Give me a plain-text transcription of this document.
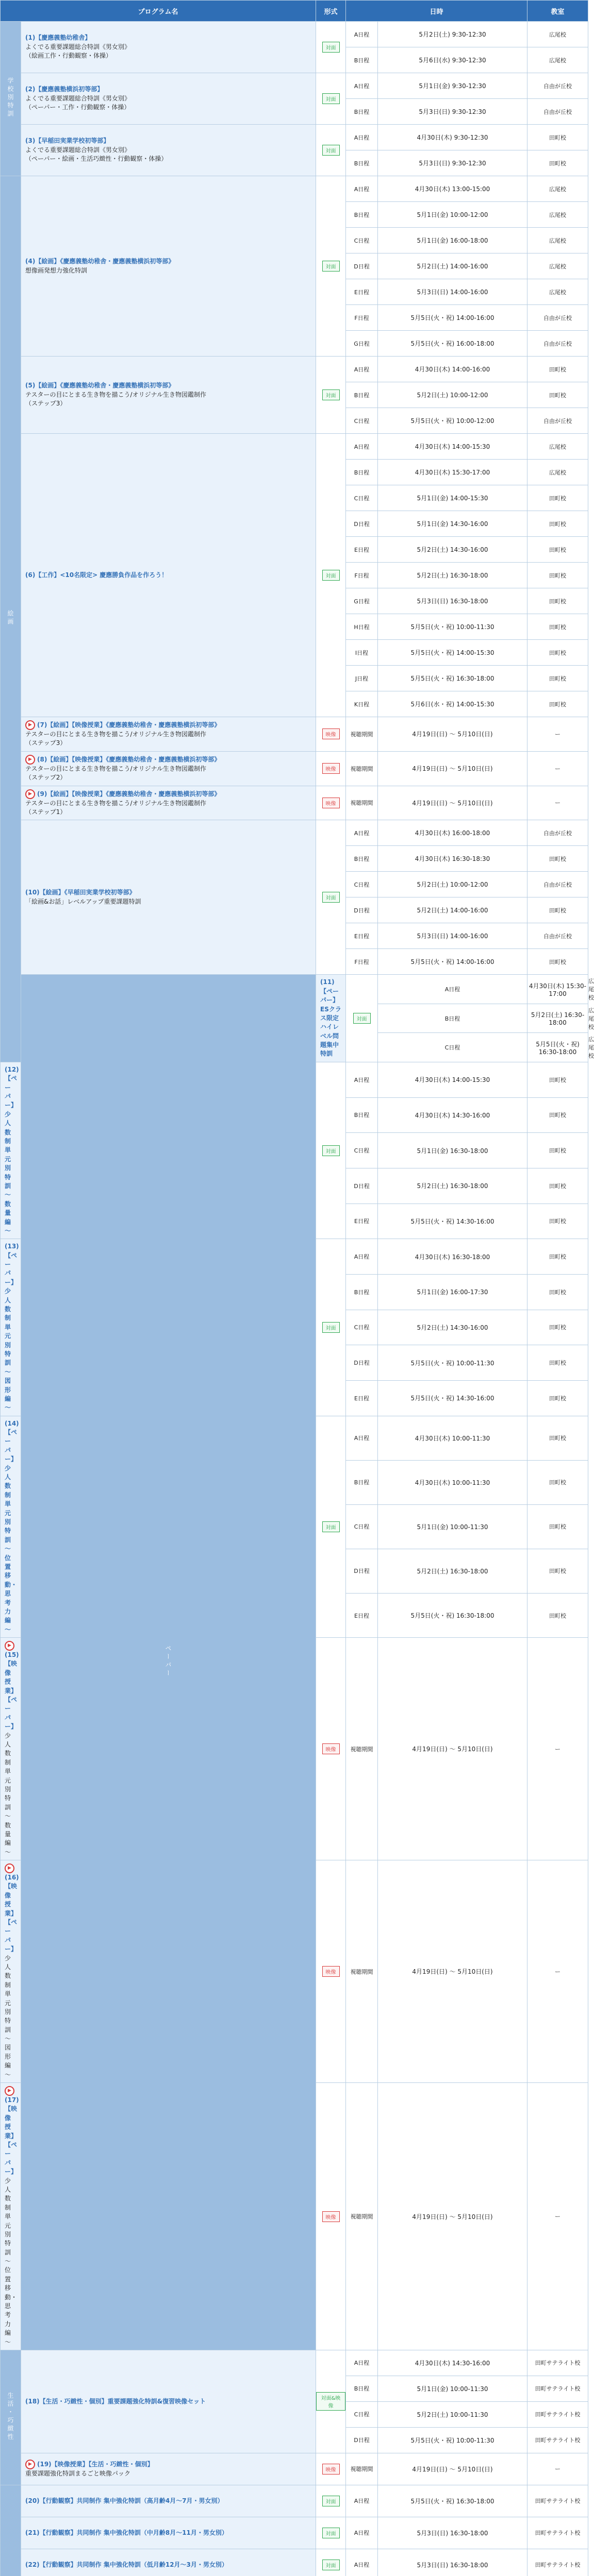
プログラム名		形式	日時		教室	
学校別特訓	(1)【慶應義塾幼稚舎】
よくでる重要課題総合特訓《男女別》
（絵画工作・行動観察・体操）	対面	A日程	5月2日(土) 9:30-12:30	広尾校	
			B日程	5月6日(水) 9:30-12:30	広尾校	

	(2)【慶應義塾横浜初等部】
よくでる重要課題総合特訓《男女別》
（ペーパー・工作・行動観察・体操）	対面	A日程	5月1日(金) 9:30-12:30	自由が丘校	
			B日程	5月3日(日) 9:30-12:30	自由が丘校	

	(3)【早稲田実業学校初等部】
よくでる重要課題総合特訓《男女別》
（ペーパー・絵画・生活巧緻性・行動観察・体操）	対面	A日程	4月30日(木) 9:30-12:30	田町校	
			B日程	5月3日(日) 9:30-12:30	田町校	
絵画	(4)【絵画】《慶應義塾幼稚舎・慶應義塾横浜初等部》
想像画発想力強化特訓	対面	A日程	4月30日(木) 13:00-15:00	広尾校	
			B日程	5月1日(金) 10:00-12:00	広尾校	
			C日程	5月1日(金) 16:00-18:00	広尾校	
			D日程	5月2日(土) 14:00-16:00	広尾校	
			E日程	5月3日(日) 14:00-16:00	広尾校	
			F日程	5月5日(火・祝) 14:00-16:00	自由が丘校	
			G日程	5月5日(火・祝) 16:00-18:00	自由が丘校	

	(5)【絵画】《慶應義塾幼稚舎・慶應義塾横浜初等部》
テスターの目にとまる生き物を描こう/オリジナル生き物図鑑制作
（ステップ3）	対面	A日程	4月30日(木) 14:00-16:00	田町校	
			B日程	5月2日(土) 10:00-12:00	田町校	
			C日程	5月5日(火・祝) 10:00-12:00	自由が丘校	

	(6)【工作】<10名限定> 慶應勝負作品を作ろう！	対面	A日程	4月30日(木) 14:00-15:30	広尾校	
			B日程	4月30日(木) 15:30-17:00	広尾校	
			C日程	5月1日(金) 14:00-15:30	田町校	
			D日程	5月1日(金) 14:30-16:00	田町校	
			E日程	5月2日(土) 14:30-16:00	田町校	
			F日程	5月2日(土) 16:30-18:00	田町校	
			G日程	5月3日(日) 16:30-18:00	田町校	
			H日程	5月5日(火・祝) 10:00-11:30	田町校	
			I日程	5月5日(火・祝) 14:00-15:30	田町校	
			J日程	5月5日(火・祝) 16:30-18:00	田町校	
			K日程	5月6日(水・祝) 14:00-15:30	田町校	

	▶ (7)【絵画】【映像授業】《慶應義塾幼稚舎・慶應義塾横浜初等部》
テスターの目にとまる生き物を描こう/オリジナル生き物図鑑制作
（ステップ3）	映像	視聴期間	4月19日(日) ～ 5月10日(日)	ー	

	▶ (8)【絵画】【映像授業】《慶應義塾幼稚舎・慶應義塾横浜初等部》
テスターの目にとまる生き物を描こう/オリジナル生き物図鑑制作
（ステップ2）	映像	視聴期間	4月19日(日) ～ 5月10日(日)	ー	

	▶ (9)【絵画】【映像授業】《慶應義塾幼稚舎・慶應義塾横浜初等部》
テスターの目にとまる生き物を描こう/オリジナル生き物図鑑制作
（ステップ1）	映像	視聴期間	4月19日(日) ～ 5月10日(日)	ー	

	(10)【絵画】《早稲田実業学校初等部》
「絵画&お話」レベルアップ重要課題特訓	対面	A日程	4月30日(木) 16:00-18:00	自由が丘校	
			B日程	4月30日(木) 16:30-18:30	田町校	
			C日程	5月2日(土) 10:00-12:00	自由が丘校	
			D日程	5月2日(土) 14:00-16:00	田町校	
			E日程	5月3日(日) 14:00-16:00	自由が丘校	
			F日程	5月5日(火・祝) 14:00-16:00	田町校	
	ペーパー	(11)【ペーパー】ESクラス限定 ハイレベル問題集中特訓	対面	A日程	4月30日(木) 15:30-17:00	広尾校
				B日程	5月2日(土) 16:30-18:00	広尾校
				C日程	5月5日(火・祝) 16:30-18:00	広尾校

(12)【ペーパー】少人数制単元別特訓 ～数量編～		対面	A日程	4月30日(木) 14:00-15:30	田町校	
			B日程	4月30日(木) 14:30-16:00	田町校	
			C日程	5月1日(金) 16:30-18:00	田町校	
			D日程	5月2日(土) 16:30-18:00	田町校	
			E日程	5月5日(火・祝) 14:30-16:00	田町校	

(13)【ペーパー】少人数制単元別特訓 ～図形編～		対面	A日程	4月30日(木) 16:30-18:00	田町校	
			B日程	5月1日(金) 16:00-17:30	田町校	
			C日程	5月2日(土) 14:30-16:00	田町校	
			D日程	5月5日(火・祝) 10:00-11:30	田町校	
			E日程	5月5日(火・祝) 14:30-16:00	田町校	

(14)【ペーパー】少人数制単元別特訓 ～位置移動・思考力編～		対面	A日程	4月30日(木) 10:00-11:30	田町校	
			B日程	4月30日(木) 10:00-11:30	田町校	
			C日程	5月1日(金) 10:00-11:30	田町校	
			D日程	5月2日(土) 16:30-18:00	田町校	
			E日程	5月5日(火・祝) 16:30-18:00	田町校	

▶(15)【映像授業】【ペーパー】
少人数制単元別特訓 ～数量編～		映像	視聴期間	4月19日(日) ～ 5月10日(日)	ー	

▶(16)【映像授業】【ペーパー】
少人数制単元別特訓 ～図形編～		映像	視聴期間	4月19日(日) ～ 5月10日(日)	ー	

▶(17)【映像授業】【ペーパー】
少人数制単元別特訓 ～位置移動・思考力編～		映像	視聴期間	4月19日(日) ～ 5月10日(日)	ー	
生活・巧緻性	(18)【生活・巧緻性・個別】重要課題強化特訓&復習映像セット	対面&映像	A日程	4月30日(木) 14:30-16:00	田町サテライト校	
			B日程	5月1日(金) 10:00-11:30	田町サテライト校	
			C日程	5月2日(土) 10:00-11:30	田町サテライト校	
			D日程	5月5日(火・祝) 10:00-11:30	田町サテライト校	

	▶ (19)【映像授業】【生活・巧緻性・個別】
重要課題強化特訓まるごと映像パック	映像	視聴期間	4月19日(日) ～ 5月10日(日)	ー	

(20)【行動観察】共同制作 集中強化特訓（高月齢4月～7月・男女別）	対面	A日程	5月5日(火・祝) 16:30-18:00	田町サテライト校	

	(21)【行動観察】共同制作 集中強化特訓（中月齢8月～11月・男女別）	対面	A日程	5月3日(日) 16:30-18:00	田町サテライト校	

	(22)【行動観察】共同制作 集中強化特訓（低月齢12月～3月・男女別）	対面	A日程	5月3日(日) 16:30-18:00	田町サテライト校	
